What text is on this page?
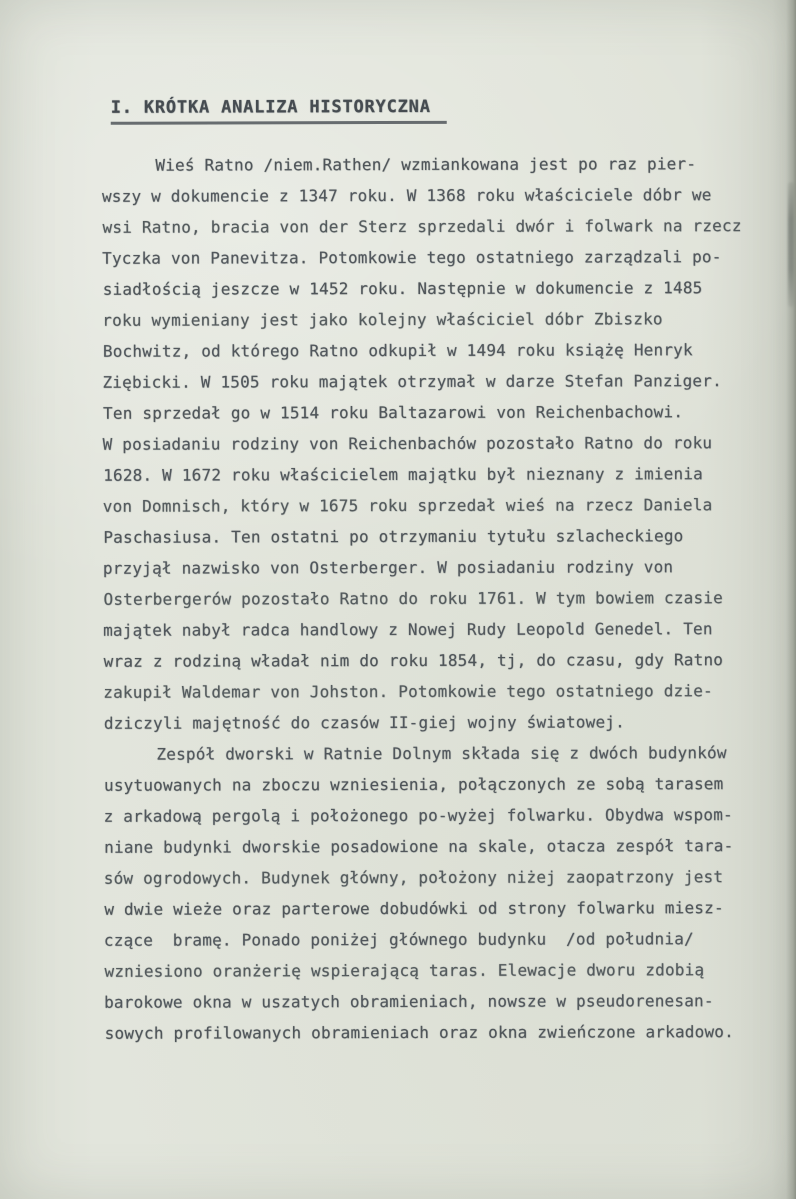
I. KRÓTKA ANALIZA HISTORYCZNA
Wieś Ratno /niem.Rathen/ wzmiankowana jest po raz pier-
wszy w dokumencie z 1347 roku. W 1368 roku właściciele dóbr we
wsi Ratno, bracia von der Sterz sprzedali dwór i folwark na rzecz
Tyczka von Panevitza. Potomkowie tego ostatniego zarządzali po-
siadłością jeszcze w 1452 roku. Następnie w dokumencie z 1485
roku wymieniany jest jako kolejny właściciel dóbr Zbiszko
Bochwitz, od którego Ratno odkupił w 1494 roku książę Henryk
Ziębicki. W 1505 roku majątek otrzymał w darze Stefan Panziger.
Ten sprzedał go w 1514 roku Baltazarowi von Reichenbachowi.
W posiadaniu rodziny von Reichenbachów pozostało Ratno do roku
1628. W 1672 roku właścicielem majątku był nieznany z imienia
von Domnisch, który w 1675 roku sprzedał wieś na rzecz Daniela
Paschasiusa. Ten ostatni po otrzymaniu tytułu szlacheckiego
przyjął nazwisko von Osterberger. W posiadaniu rodziny von
Osterbergerów pozostało Ratno do roku 1761. W tym bowiem czasie
majątek nabył radca handlowy z Nowej Rudy Leopold Genedel. Ten
wraz z rodziną władał nim do roku 1854, tj, do czasu, gdy Ratno
zakupił Waldemar von Johston. Potomkowie tego ostatniego dzie-
dziczyli majętność do czasów II-giej wojny światowej.
Zespół dworski w Ratnie Dolnym składa się z dwóch budynków
usytuowanych na zboczu wzniesienia, połączonych ze sobą tarasem
z arkadową pergolą i położonego po-wyżej folwarku. Obydwa wspom-
niane budynki dworskie posadowione na skale, otacza zespół tara-
sów ogrodowych. Budynek główny, położony niżej zaopatrzony jest
w dwie wieże oraz parterowe dobudówki od strony folwarku miesz-
czące  bramę. Ponado poniżej głównego budynku  /od południa/
wzniesiono oranżerię wspierającą taras. Elewacje dworu zdobią
barokowe okna w uszatych obramieniach, nowsze w pseudorenesan-
sowych profilowanych obramieniach oraz okna zwieńczone arkadowo.
